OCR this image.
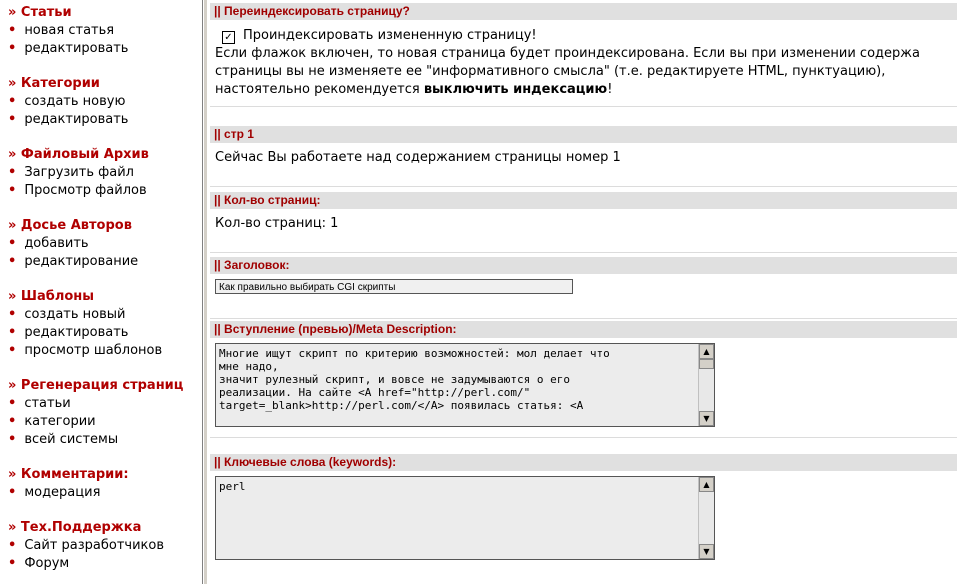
» Статьи
• новая статья
• редактировать
» Категории
• создать новую
• редактировать
» Файловый Архив
• Загрузить файл
• Просмотр файлов
» Досье Авторов
• добавить
• редактирование
» Шаблоны
• создать новый
• редактировать
• просмотр шаблонов
» Регенерация страниц
• статьи
• категории
• всей системы
» Комментарии:
• модерация
» Тех.Поддержка
• Сайт разработчиков
• Форум
|| Переиндексировать страницу?
✓ Проиндексировать измененную страницу!
Если флажок включен, то новая страница будет проиндексирована. Если вы при изменении содержа
страницы вы не изменяете ее "информативного смысла" (т.е. редактируете HTML, пунктуацию),
настоятельно рекомендуется выключить индексацию!
|| стр 1
Сейчас Вы работаете над содержанием страницы номер 1
|| Кол-во страниц:
Кол-во страниц: 1
|| Заголовок:
Как правильно выбирать CGI скрипты
|| Вступление (превью)/Meta Description:
Многие ищут скрипт по критерию возможностей: мол делает что
мне надо,
значит рулезный скрипт, и вовсе не задумываются о его
реализации. На сайте <A href="http://perl.com/"
target=_blank>http://perl.com/</A> появилась статья: <A
▲
▼
|| Ключевые слова (keywords):
perl	▲
▼
